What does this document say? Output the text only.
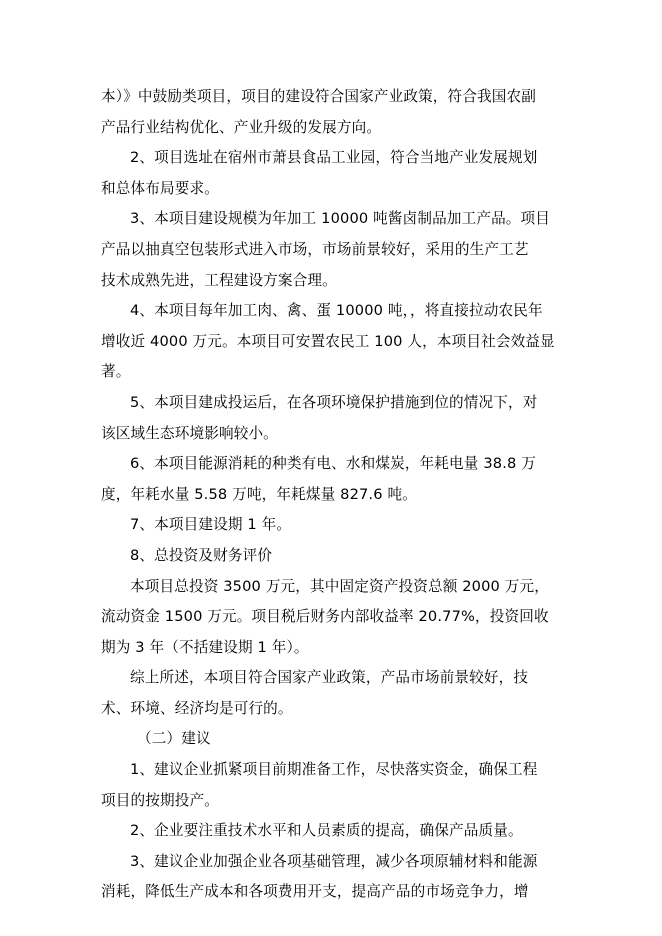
本）》中鼓励类项目，项目的建设符合国家产业政策，符合我国农副
产品行业结构优化、产业升级的发展方向。
2、项目选址在宿州市萧县食品工业园，符合当地产业发展规划
和总体布局要求。
3、本项目建设规模为年加工 10000 吨酱卤制品加工产品。项目
产品以抽真空包装形式进入市场，市场前景较好，采用的生产工艺
技术成熟先进，工程建设方案合理。
4、本项目每年加工肉、禽、蛋 10000 吨，，将直接拉动农民年
增收近 4000 万元。本项目可安置农民工 100 人，本项目社会效益显
著。
5、本项目建成投运后，在各项环境保护措施到位的情况下，对
该区域生态环境影响较小。
6、本项目能源消耗的种类有电、水和煤炭，年耗电量 38.8 万
度，年耗水量 5.58 万吨，年耗煤量 827.6 吨。
7、本项目建设期 1 年。
8、总投资及财务评价
本项目总投资 3500 万元，其中固定资产投资总额 2000 万元，
流动资金 1500 万元。项目税后财务内部收益率 20.77%，投资回收
期为 3 年（不括建设期 1 年）。
综上所述，本项目符合国家产业政策，产品市场前景较好，技
术、环境、经济均是可行的。
（二）建议
1、建议企业抓紧项目前期准备工作，尽快落实资金，确保工程
项目的按期投产。
2、企业要注重技术水平和人员素质的提高，确保产品质量。
3、建议企业加强企业各项基础管理，减少各项原辅材料和能源
消耗，降低生产成本和各项费用开支，提高产品的市场竞争力，增
